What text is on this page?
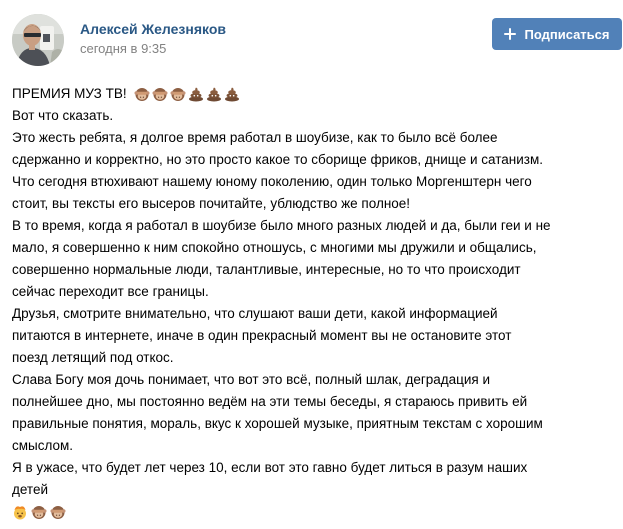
Алексей Железняков
сегодня в 9:35
Подписаться
ПРЕМИЯ МУЗ ТВ!
Вот что сказать.
Это жесть ребята, я долгое время работал в шоубизе, как то было всё более
сдержанно и корректно, но это просто какое то сборище фриков, днище и сатанизм.
Что сегодня втюхивают нашему юному поколению, один только Моргенштерн чего
стоит, вы тексты его высеров почитайте, ублюдство же полное!
В то время, когда я работал в шоубизе было много разных людей и да, были геи и не
мало, я совершенно к ним спокойно отношусь, с многими мы дружили и общались,
совершенно нормальные люди, талантливые, интересные, но то что происходит
сейчас переходит все границы.
Друзья, смотрите внимательно, что слушают ваши дети, какой информацией
питаются в интернете, иначе в один прекрасный момент вы не остановите этот
поезд летящий под откос.
Слава Богу моя дочь понимает, что вот это всё, полный шлак, деградация и
полнейшее дно, мы постоянно ведём на эти темы беседы, я стараюсь привить ей
правильные понятия, мораль, вкус к хорошей музыке, приятным текстам с хорошим
смыслом.
Я в ужасе, что будет лет через 10, если вот это гавно будет литься в разум наших
детей
